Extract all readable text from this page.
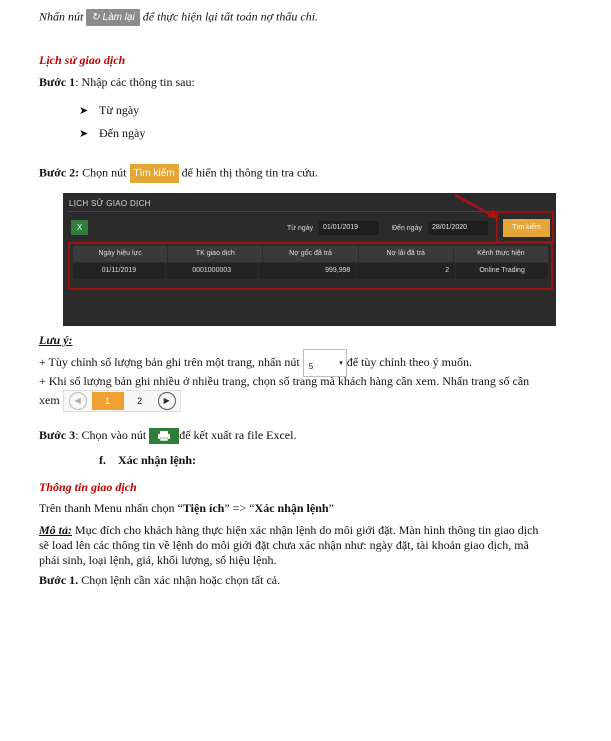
Nhấn nút ↻ Làm lại để thực hiện lại tất toán nợ thấu chi.
Lịch sử giao dịch
Bước 1: Nhập các thông tin sau:
➤ Từ ngày
➤ Đến ngày
Bước 2: Chọn nút Tìm kiếm để hiển thị thông tin tra cứu.
LỊCH SỬ GIAO DỊCH
X	Từ ngày	01/01/2019	Đến ngày	28/01/2020	Tìm kiếm
Ngày hiệu lực	TK giao dịch	Nợ gốc đã trả	Nợ lãi đã trả	Kênh thực hiện
01/11/2019	0001000003	999,998	2	Online Trading
Lưu ý:
+ Tùy chỉnh số lượng bản ghi trên một trang, nhấn nút 5	▾ để tùy chỉnh theo ý muốn.
+ Khi số lượng bản ghi nhiều ở nhiều trang, chọn số trang mà khách hàng cần xem. Nhấn trang số cần
xem	◀	1	2	▶
Bước 3: Chọn vào nút	để kết xuất ra file Excel.
f. Xác nhận lệnh:
Thông tin giao dịch
Trên thanh Menu nhấn chọn “Tiện ích” => “Xác nhận lệnh”
Mô tả: Mục đích cho khách hàng thực hiện xác nhận lệnh do môi giới đặt. Màn hình thông tin giao dịch
sẽ load lên các thông tin về lệnh do môi giới đặt chưa xác nhận như: ngày đặt, tài khoản giao dịch, mã
phái sinh, loại lệnh, giá, khối lượng, số hiệu lệnh.
Bước 1. Chọn lệnh cần xác nhận hoặc chọn tất cả.
